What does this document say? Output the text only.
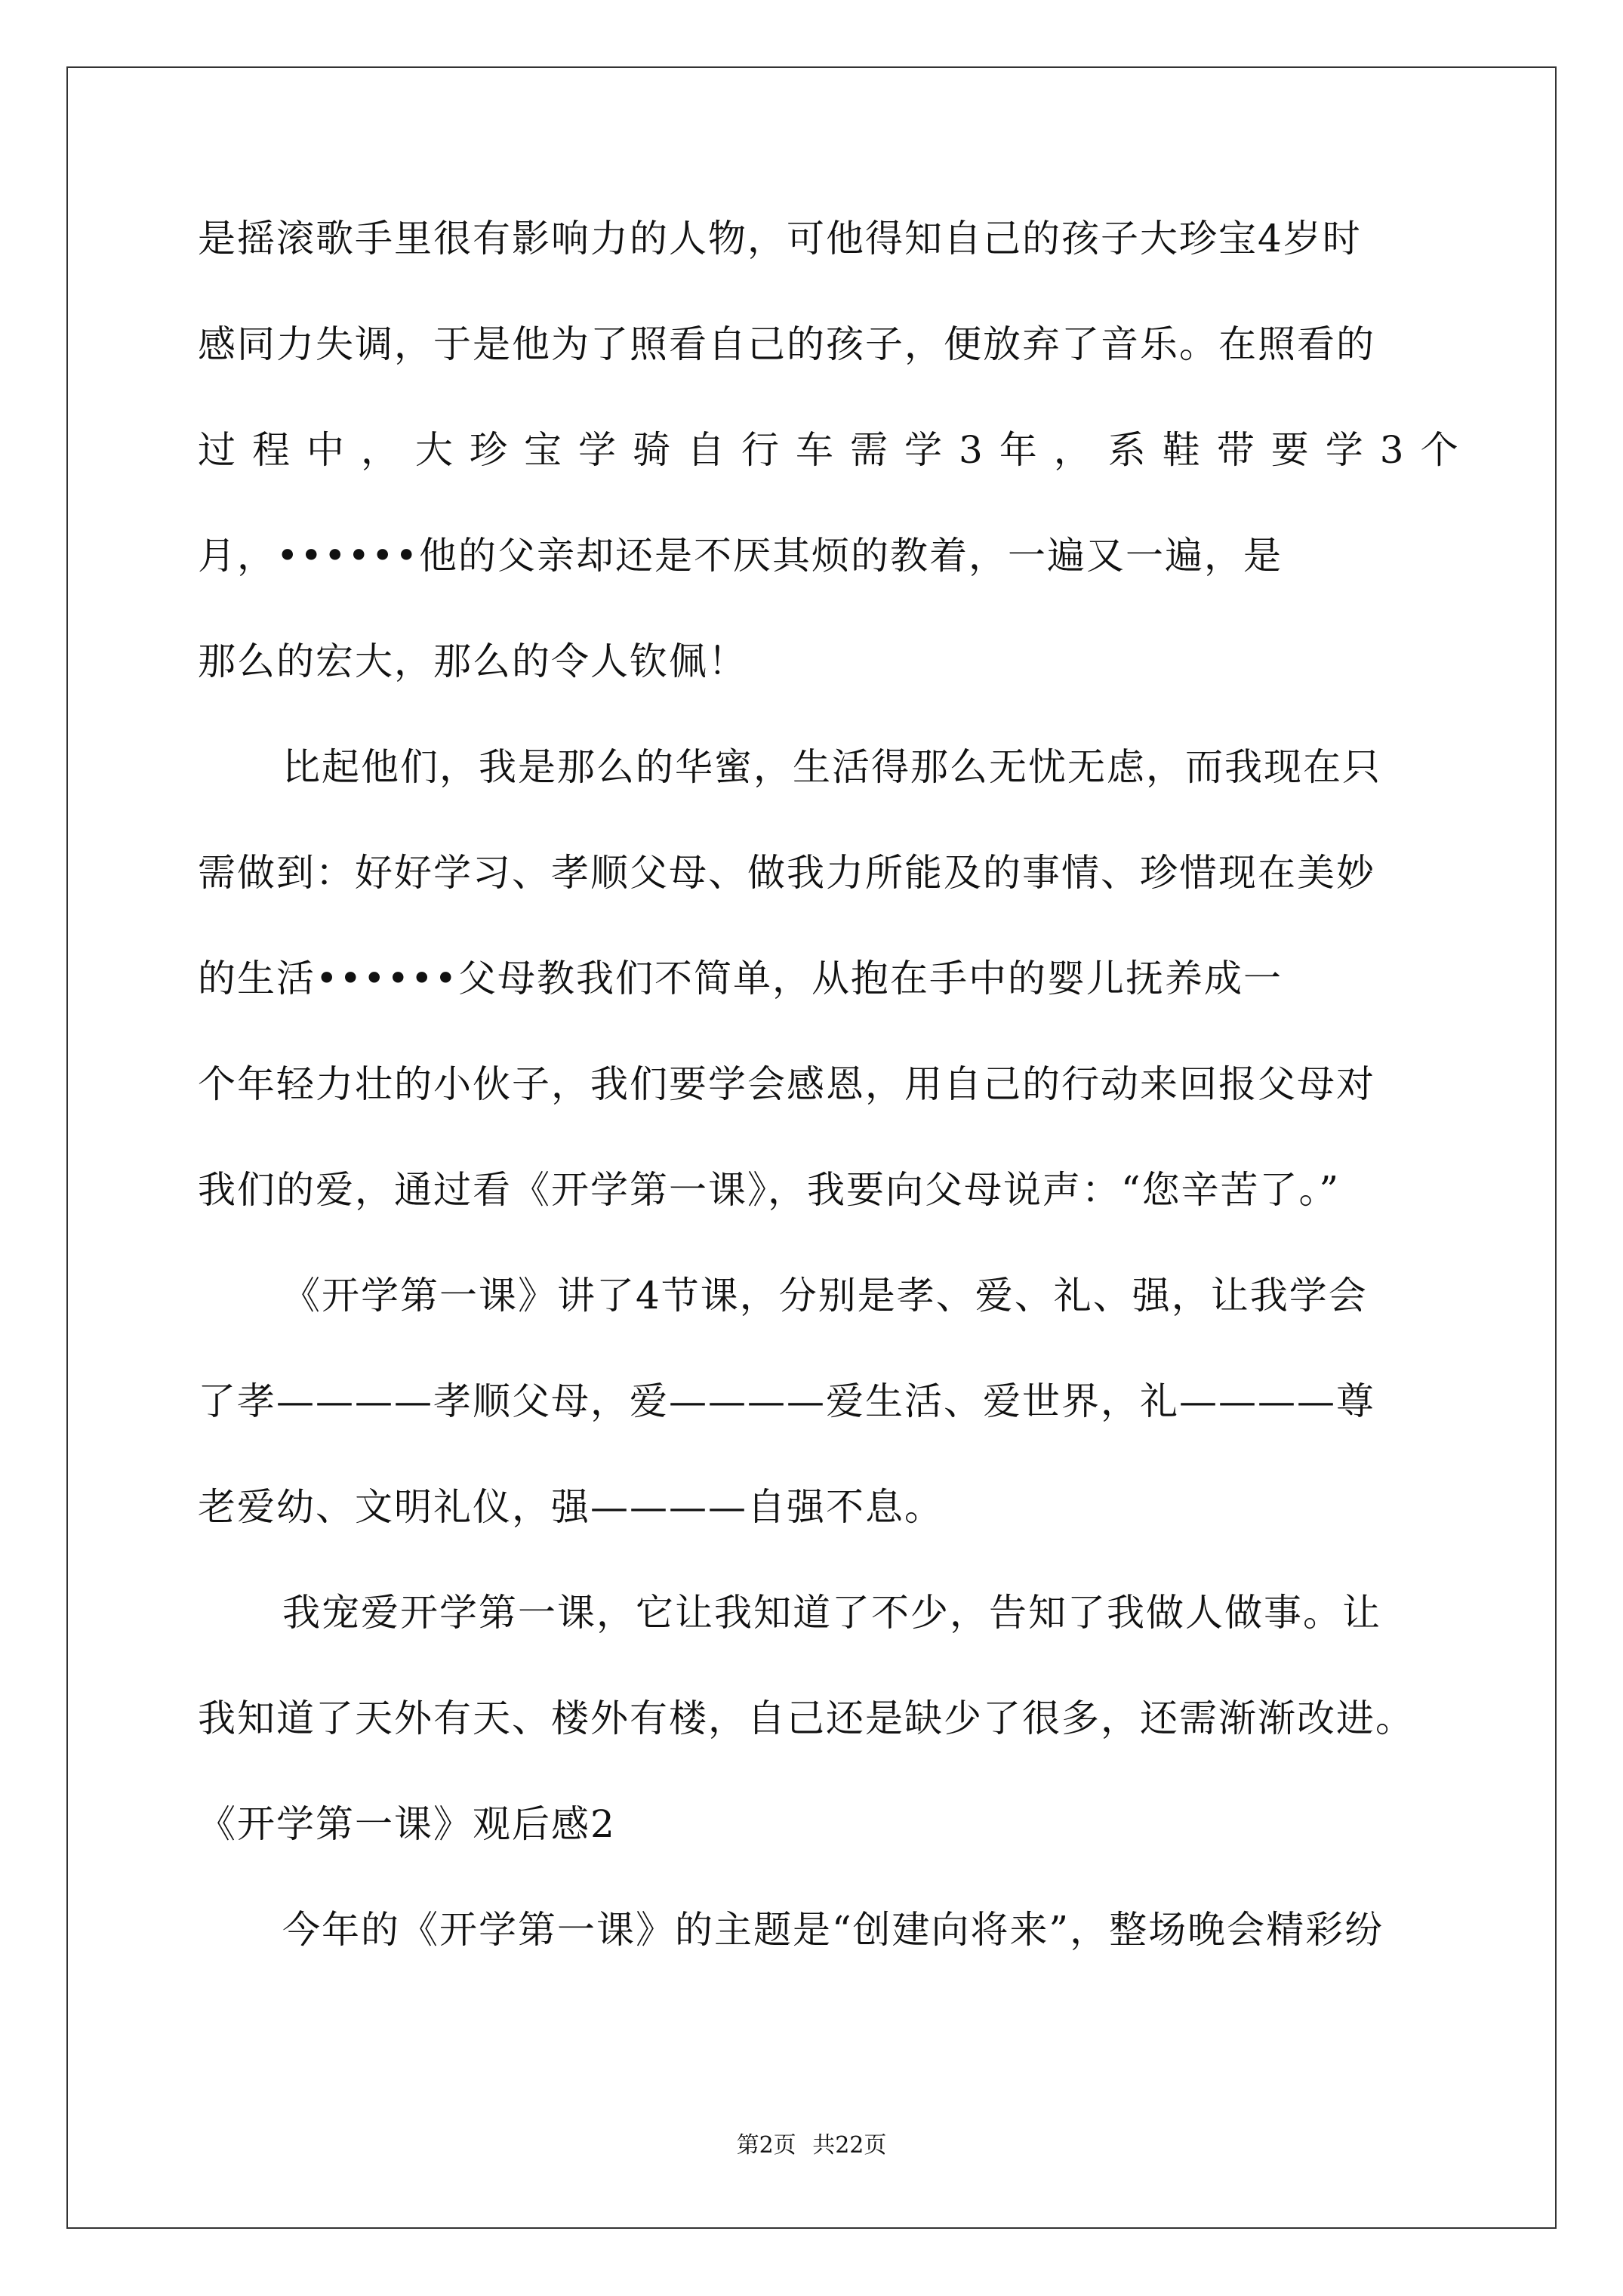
是摇滚歌手里很有影响力的人物，可他得知自己的孩子大珍宝4岁时
感同力失调，于是他为了照看自己的孩子，便放弃了音乐。在照看的
过程中，大珍宝学骑自行车需学3年，系鞋带要学3个
月，••••••他的父亲却还是不厌其烦的教着，一遍又一遍，是
那么的宏大，那么的令人钦佩！
比起他们，我是那么的华蜜，生活得那么无忧无虑，而我现在只
需做到：好好学习、孝顺父母、做我力所能及的事情、珍惜现在美妙
的生活••••••父母教我们不简单，从抱在手中的婴儿抚养成一
个年轻力壮的小伙子，我们要学会感恩，用自己的行动来回报父母对
我们的爱，通过看《开学第一课》，我要向父母说声：“您辛苦了。”
《开学第一课》讲了4节课，分别是孝、爱、礼、强，让我学会
了孝————孝顺父母，爱————爱生活、爱世界，礼————尊
老爱幼、文明礼仪，强————自强不息。
我宠爱开学第一课，它让我知道了不少，告知了我做人做事。让
我知道了天外有天、楼外有楼，自己还是缺少了很多，还需渐渐改进。
《开学第一课》观后感2
今年的《开学第一课》的主题是“创建向将来”，整场晚会精彩纷
第2页 共22页
